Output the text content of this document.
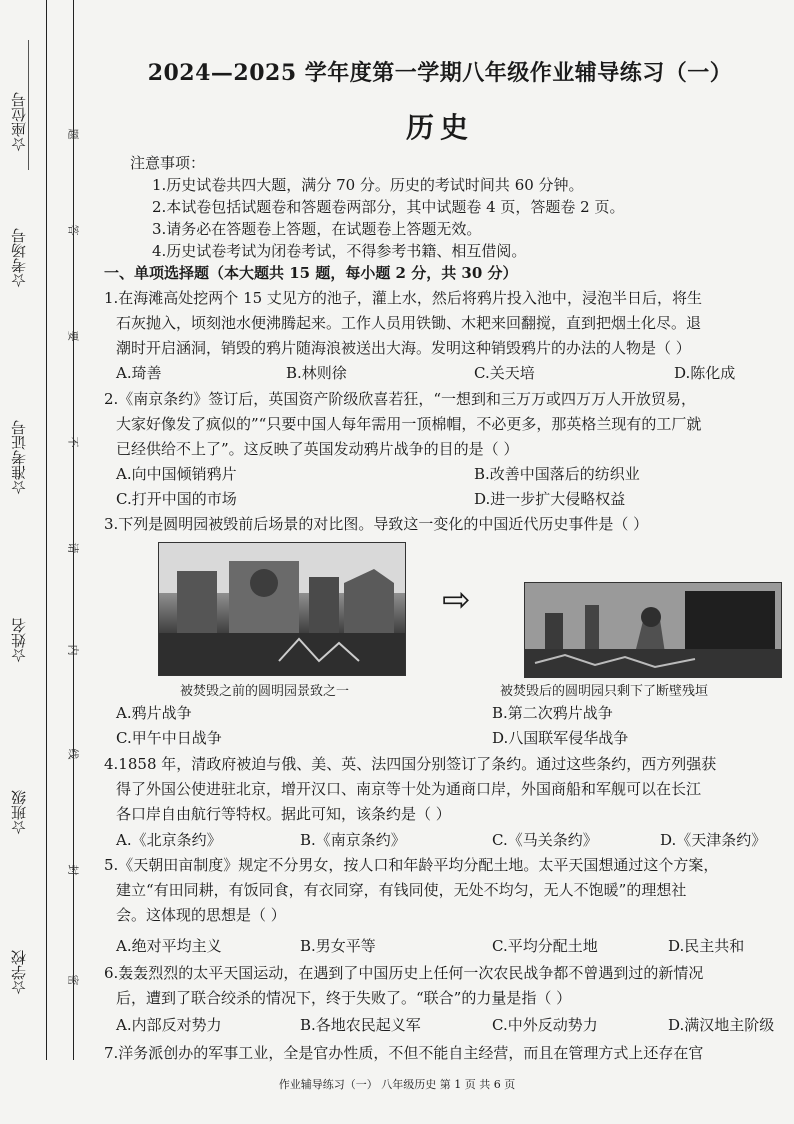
☆座位号
☆考场号
☆准考证号
☆姓名
☆班级
☆学校
题
答
要
不
请
内
线
封
密
2024—2025 学年度第一学期八年级作业辅导练习（一）
历史
注意事项：
1.历史试卷共四大题，满分 70 分。历史的考试时间共 60 分钟。
2.本试卷包括试题卷和答题卷两部分，其中试题卷 4 页，答题卷 2 页。
3.请务必在答题卷上答题，在试题卷上答题无效。
4.历史试卷考试为闭卷考试，不得参考书籍、相互借阅。
一、单项选择题（本大题共 15 题，每小题 2 分，共 30 分）
1.在海滩高处挖两个 15 丈见方的池子，灌上水，然后将鸦片投入池中，浸泡半日后，将生
石灰抛入，顷刻池水便沸腾起来。工作人员用铁锄、木耙来回翻搅，直到把烟土化尽。退
潮时开启涵洞，销毁的鸦片随海浪被送出大海。发明这种销毁鸦片的办法的人物是（ ）
A.琦善	B.林则徐	C.关天培	D.陈化成
2.《南京条约》签订后，英国资产阶级欣喜若狂，“一想到和三万万或四万万人开放贸易，
大家好像发了疯似的”“只要中国人每年需用一顶棉帽，不必更多，那英格兰现有的工厂就
已经供给不上了”。这反映了英国发动鸦片战争的目的是（ ）
A.向中国倾销鸦片	B.改善中国落后的纺织业
C.打开中国的市场	D.进一步扩大侵略权益
3.下列是圆明园被毁前后场景的对比图。导致这一变化的中国近代历史事件是（ ）
⇨
被焚毁之前的圆明园景致之一	被焚毁后的圆明园只剩下了断壁残垣
A.鸦片战争	B.第二次鸦片战争
C.甲午中日战争	D.八国联军侵华战争
4.1858 年，清政府被迫与俄、美、英、法四国分别签订了条约。通过这些条约，西方列强获
得了外国公使进驻北京，增开汉口、南京等十处为通商口岸，外国商船和军舰可以在长江
各口岸自由航行等特权。据此可知，该条约是（ ）
A.《北京条约》	B.《南京条约》	C.《马关条约》	D.《天津条约》
5.《天朝田亩制度》规定不分男女，按人口和年龄平均分配土地。太平天国想通过这个方案，
建立“有田同耕，有饭同食，有衣同穿，有钱同使，无处不均匀，无人不饱暖”的理想社
会。这体现的思想是（ ）
A.绝对平均主义	B.男女平等	C.平均分配土地	D.民主共和
6.轰轰烈烈的太平天国运动，在遇到了中国历史上任何一次农民战争都不曾遇到过的新情况
后，遭到了联合绞杀的情况下，终于失败了。“联合”的力量是指（ ）
A.内部反对势力	B.各地农民起义军	C.中外反动势力	D.满汉地主阶级
7.洋务派创办的军事工业，全是官办性质，不但不能自主经营，而且在管理方式上还存在官
作业辅导练习（一） 八年级历史 第 1 页 共 6 页
